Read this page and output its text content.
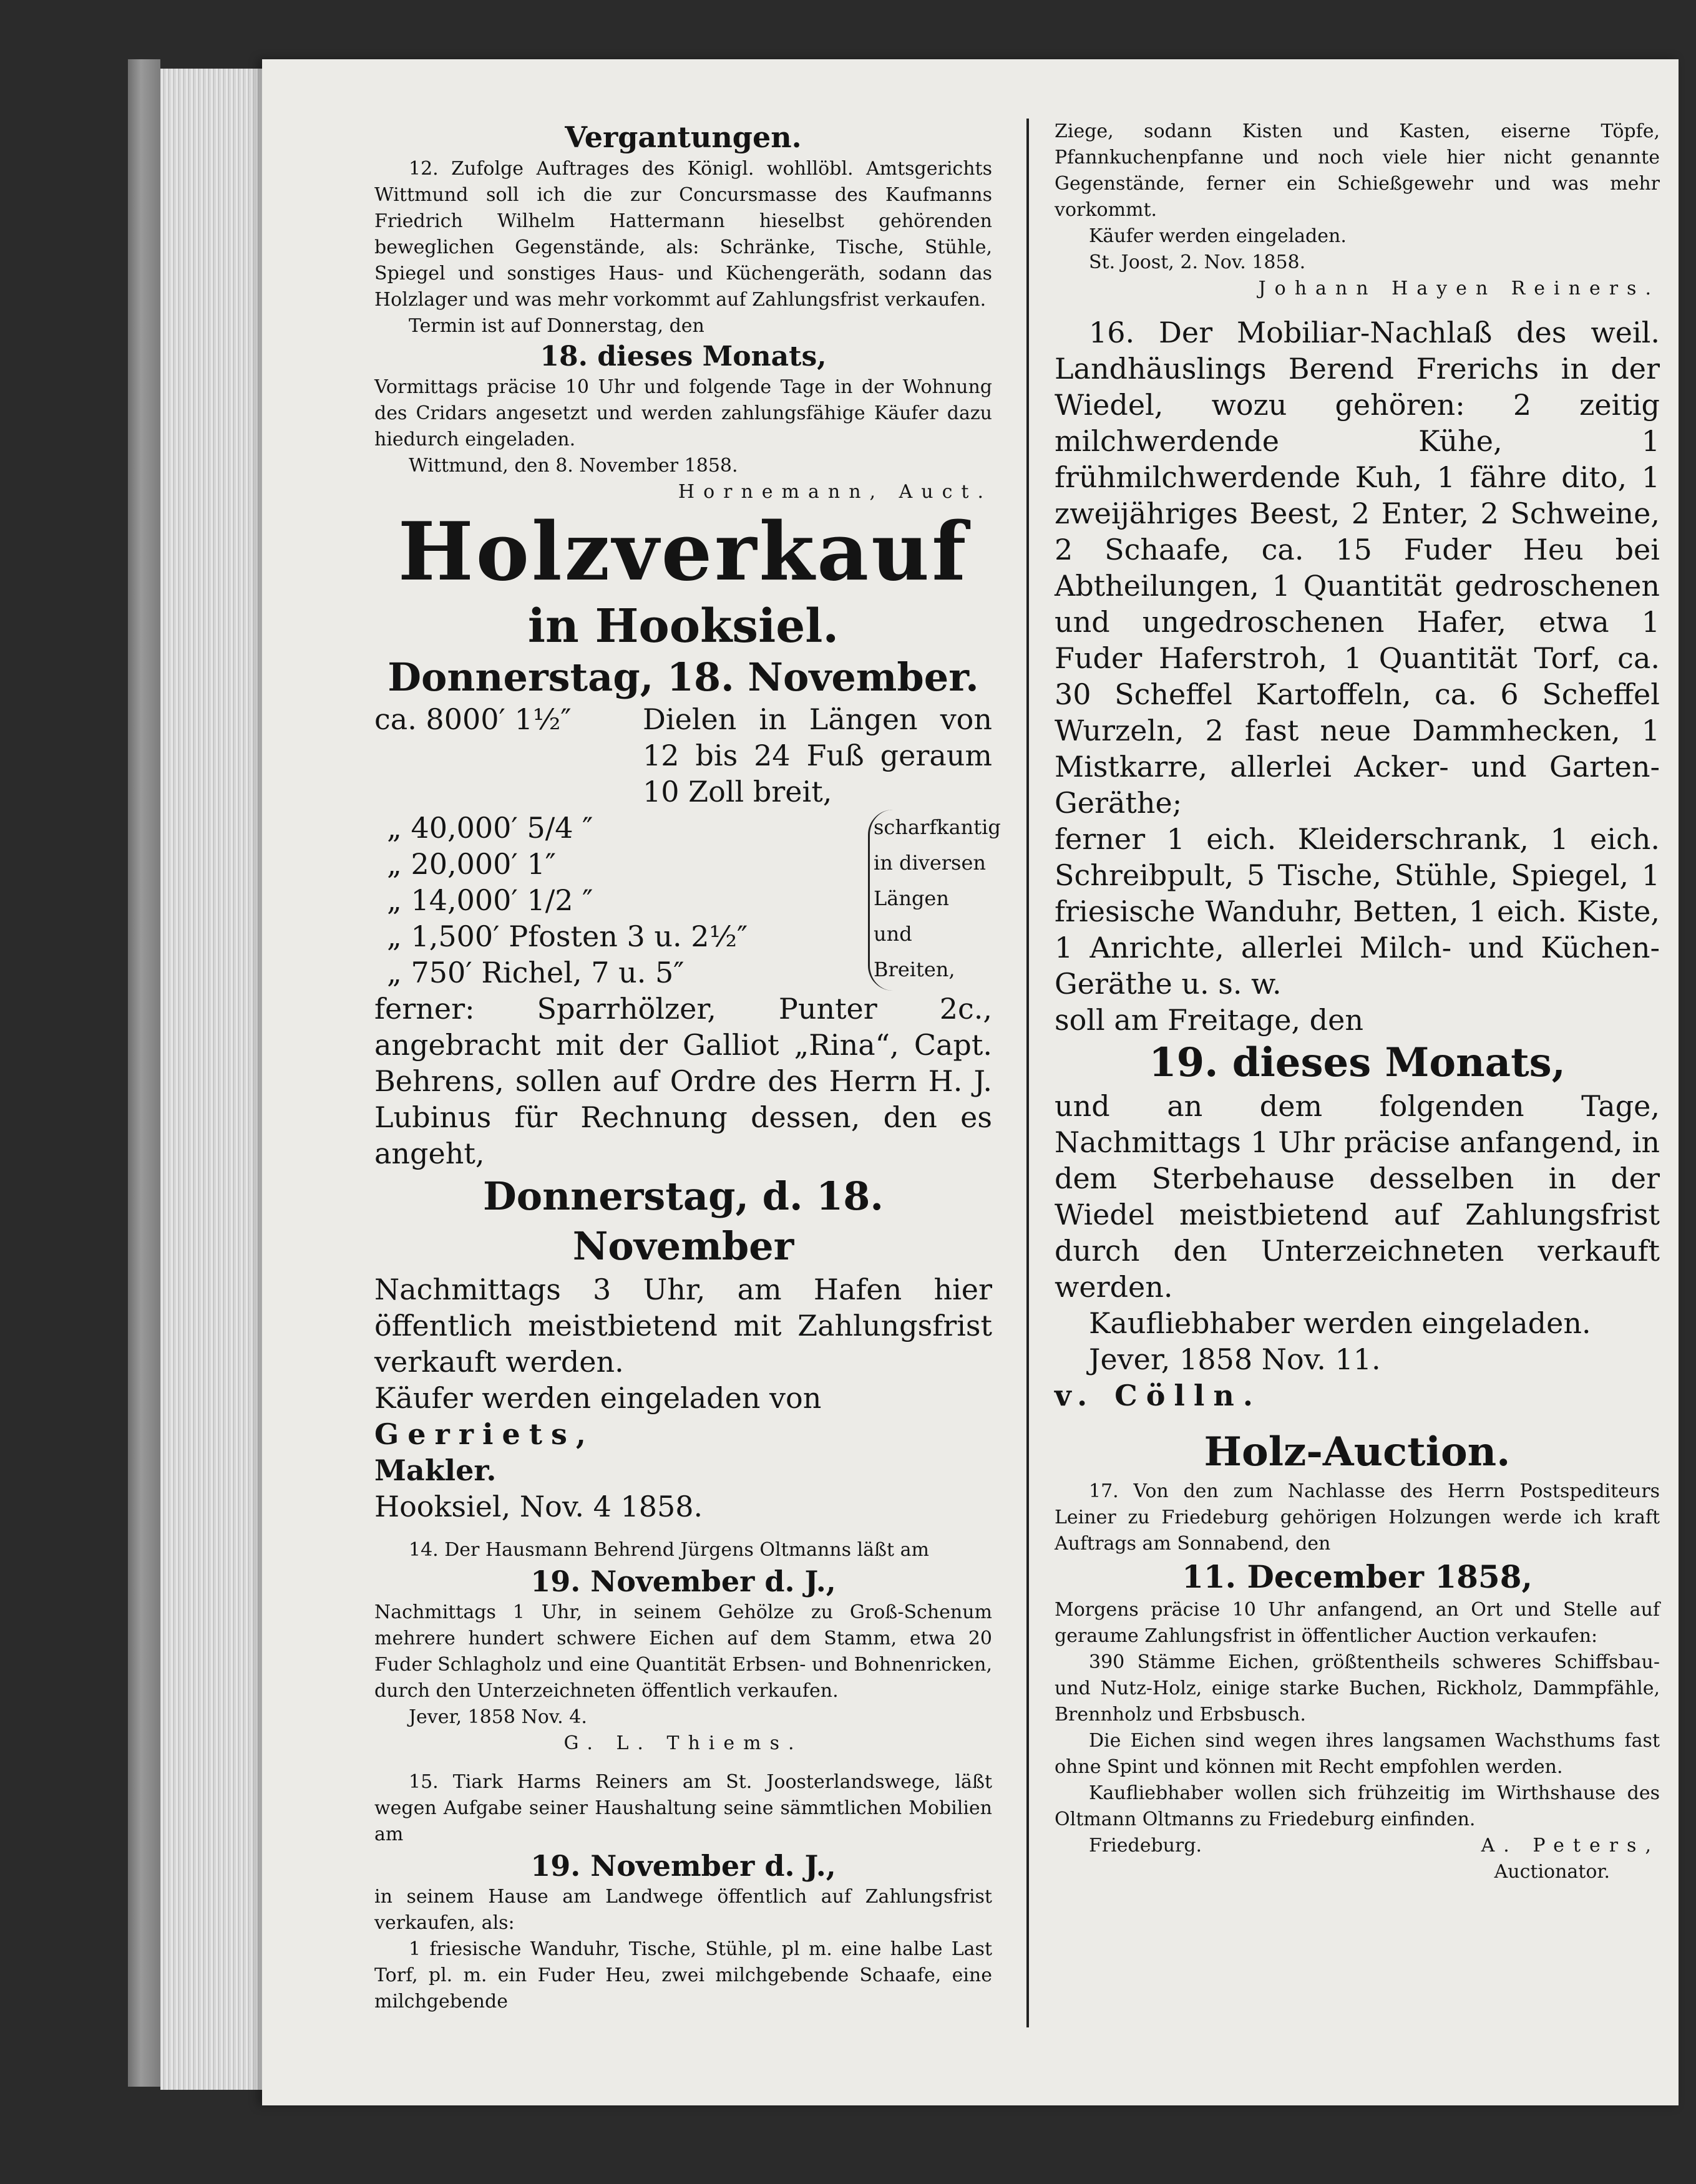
Vergantungen.

12. Zufolge Auftrages des Königl. wohllöbl. Amtsgerichts Wittmund soll ich die zur Concursmasse des Kaufmanns Friedrich Wilhelm Hattermann hieselbst gehörenden beweglichen Gegenstände, als: Schränke, Tische, Stühle, Spiegel und sonstiges Haus- und Küchengeräth, sodann das Holzlager und was mehr vorkommt auf Zahlungsfrist verkaufen.

Termin ist auf Donnerstag, den

18. dieses Monats,

Vormittags präcise 10 Uhr und folgende Tage in der Wohnung des Cridars angesetzt und werden zahlungsfähige Käufer dazu hiedurch eingeladen.

Wittmund, den 8. November 1858.

Hornemann, Auct.

Holzverkauf

in Hooksiel.

Donnerstag, 18. November.

ca. 8000′ 1½″	Dielen in Längen von 12 bis 24 Fuß geraum 10 Zoll breit,

„ 40,000′ 5/4 ″

„ 20,000′ 1″

„ 14,000′ 1/2 ″

„ 1,500′ Pfosten 3 u. 2½″

„ 750′ Richel, 7 u. 5″

scharfkantig in diversen Längen und Breiten,

ferner: Sparrhölzer, Punter 2c., angebracht mit der Galliot „Rina“, Capt. Behrens, sollen auf Ordre des Herrn H. J. Lubinus für Rechnung dessen, den es angeht,

Donnerstag, d. 18. November

Nachmittags 3 Uhr, am Hafen hier öffentlich meistbietend mit Zahlungsfrist verkauft werden.

Käufer werden eingeladen von

Gerriets,

Makler.

Hooksiel, Nov. 4 1858.

14. Der Hausmann Behrend Jürgens Oltmanns läßt am

19. November d. J.,

Nachmittags 1 Uhr, in seinem Gehölze zu Groß-Schenum mehrere hundert schwere Eichen auf dem Stamm, etwa 20 Fuder Schlagholz und eine Quantität Erbsen- und Bohnenricken, durch den Unterzeichneten öffentlich verkaufen.

Jever, 1858 Nov. 4.

G. L. Thiems.

15. Tiark Harms Reiners am St. Joosterlandswege, läßt wegen Aufgabe seiner Haushaltung seine sämmtlichen Mobilien am

19. November d. J.,

in seinem Hause am Landwege öffentlich auf Zahlungsfrist verkaufen, als:

1 friesische Wanduhr, Tische, Stühle, pl m. eine halbe Last Torf, pl. m. ein Fuder Heu, zwei milchgebende Schaafe, eine milchgebende

Ziege, sodann Kisten und Kasten, eiserne Töpfe, Pfannkuchenpfanne und noch viele hier nicht genannte Gegenstände, ferner ein Schießgewehr und was mehr vorkommt.

Käufer werden eingeladen.

St. Joost, 2. Nov. 1858.

Johann Hayen Reiners.

16. Der Mobiliar-Nachlaß des weil. Landhäuslings Berend Frerichs in der Wiedel, wozu gehören: 2 zeitig milchwerdende Kühe, 1 frühmilchwerdende Kuh, 1 fähre dito, 1 zweijähriges Beest, 2 Enter, 2 Schweine, 2 Schaafe, ca. 15 Fuder Heu bei Abtheilungen, 1 Quantität gedroschenen und ungedroschenen Hafer, etwa 1 Fuder Haferstroh, 1 Quantität Torf, ca. 30 Scheffel Kartoffeln, ca. 6 Scheffel Wurzeln, 2 fast neue Dammhecken, 1 Mistkarre, allerlei Acker- und Garten-Geräthe;

ferner 1 eich. Kleiderschrank, 1 eich. Schreibpult, 5 Tische, Stühle, Spiegel, 1 friesische Wanduhr, Betten, 1 eich. Kiste, 1 Anrichte, allerlei Milch- und Küchen-Geräthe u. s. w.

soll am Freitage, den

19. dieses Monats,

und an dem folgenden Tage, Nachmittags 1 Uhr präcise anfangend, in dem Sterbehause desselben in der Wiedel meistbietend auf Zahlungsfrist durch den Unterzeichneten verkauft werden.

Kaufliebhaber werden eingeladen.

Jever, 1858 Nov. 11.

v. Cölln.

Holz-Auction.

17. Von den zum Nachlasse des Herrn Postspediteurs Leiner zu Friedeburg gehörigen Holzungen werde ich kraft Auftrags am Sonnabend, den

11. December 1858,

Morgens präcise 10 Uhr anfangend, an Ort und Stelle auf geraume Zahlungsfrist in öffentlicher Auction verkaufen:

390 Stämme Eichen, größtentheils schweres Schiffsbau- und Nutz-Holz, einige starke Buchen, Rickholz, Dammpfähle, Brennholz und Erbsbusch.

Die Eichen sind wegen ihres langsamen Wachsthums fast ohne Spint und können mit Recht empfohlen werden.

Kaufliebhaber wollen sich frühzeitig im Wirthshause des Oltmann Oltmanns zu Friedeburg einfinden.

Friedeburg.	A. Peters,

Auctionator.
